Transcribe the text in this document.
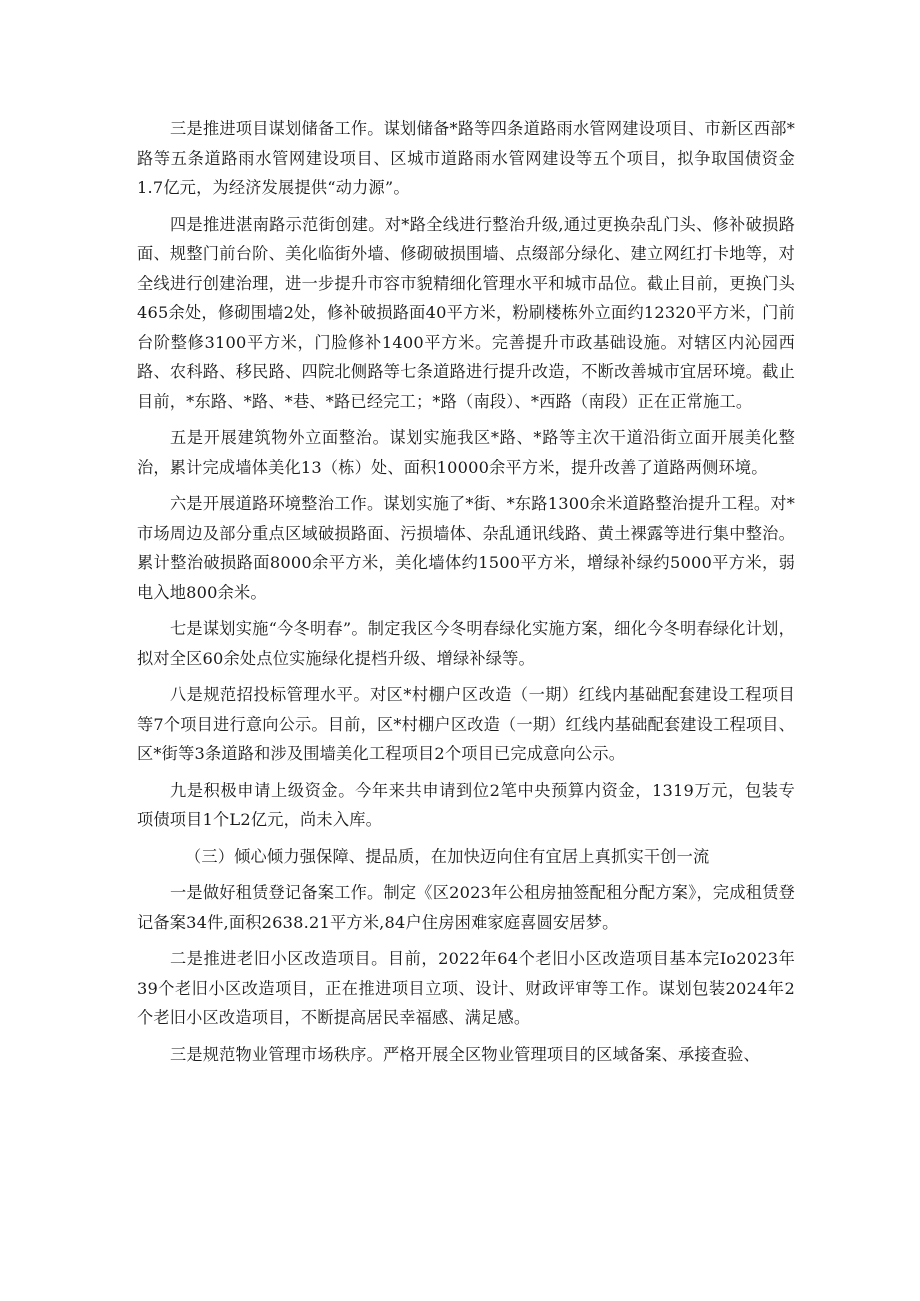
三是推进项目谋划储备工作。谋划储备*路等四条道路雨水管网建设项目、市新区西部*路等五条道路雨水管网建设项目、区城市道路雨水管网建设等五个项目，拟争取国债资金1.7亿元，为经济发展提供“动力源”。

四是推进湛南路示范街创建。对*路全线进行整治升级,通过更换杂乱门头、修补破损路面、规整门前台阶、美化临街外墙、修砌破损围墙、点缀部分绿化、建立网红打卡地等，对全线进行创建治理，进一步提升市容市貌精细化管理水平和城市品位。截止目前，更换门头465余处，修砌围墙2处，修补破损路面40平方米，粉刷楼栋外立面约12320平方米，门前台阶整修3100平方米，门脸修补1400平方米。完善提升市政基础设施。对辖区内沁园西路、农科路、移民路、四院北侧路等七条道路进行提升改造，不断改善城市宜居环境。截止目前，*东路、*路、*巷、*路已经完工；*路（南段）、*西路（南段）正在正常施工。

五是开展建筑物外立面整治。谋划实施我区*路、*路等主次干道沿街立面开展美化整治，累计完成墙体美化13（栋）处、面积10000余平方米，提升改善了道路两侧环境。

六是开展道路环境整治工作。谋划实施了*街、*东路1300余米道路整治提升工程。对*市场周边及部分重点区域破损路面、污损墙体、杂乱通讯线路、黄土裸露等进行集中整治。累计整治破损路面8000余平方米，美化墙体约1500平方米，增绿补绿约5000平方米，弱电入地800余米。

七是谋划实施“今冬明春”。制定我区今冬明春绿化实施方案，细化今冬明春绿化计划，拟对全区60余处点位实施绿化提档升级、增绿补绿等。

八是规范招投标管理水平。对区*村棚户区改造（一期）红线内基础配套建设工程项目等7个项目进行意向公示。目前，区*村棚户区改造（一期）红线内基础配套建设工程项目、区*街等3条道路和涉及围墙美化工程项目2个项目已完成意向公示。

九是积极申请上级资金。今年来共申请到位2笔中央预算内资金，1319万元，包装专项债项目1个L2亿元，尚未入库。

（三）倾心倾力强保障、提品质，在加快迈向住有宜居上真抓实干创一流

一是做好租赁登记备案工作。制定《区2023年公租房抽签配租分配方案》，完成租赁登记备案34件,面积2638.21平方米,84户住房困难家庭喜圆安居梦。

二是推进老旧小区改造项目。目前，2022年64个老旧小区改造项目基本完Io2023年39个老旧小区改造项目，正在推进项目立项、设计、财政评审等工作。谋划包装2024年2个老旧小区改造项目，不断提高居民幸福感、满足感。

三是规范物业管理市场秩序。严格开展全区物业管理项目的区域备案、承接查验、
